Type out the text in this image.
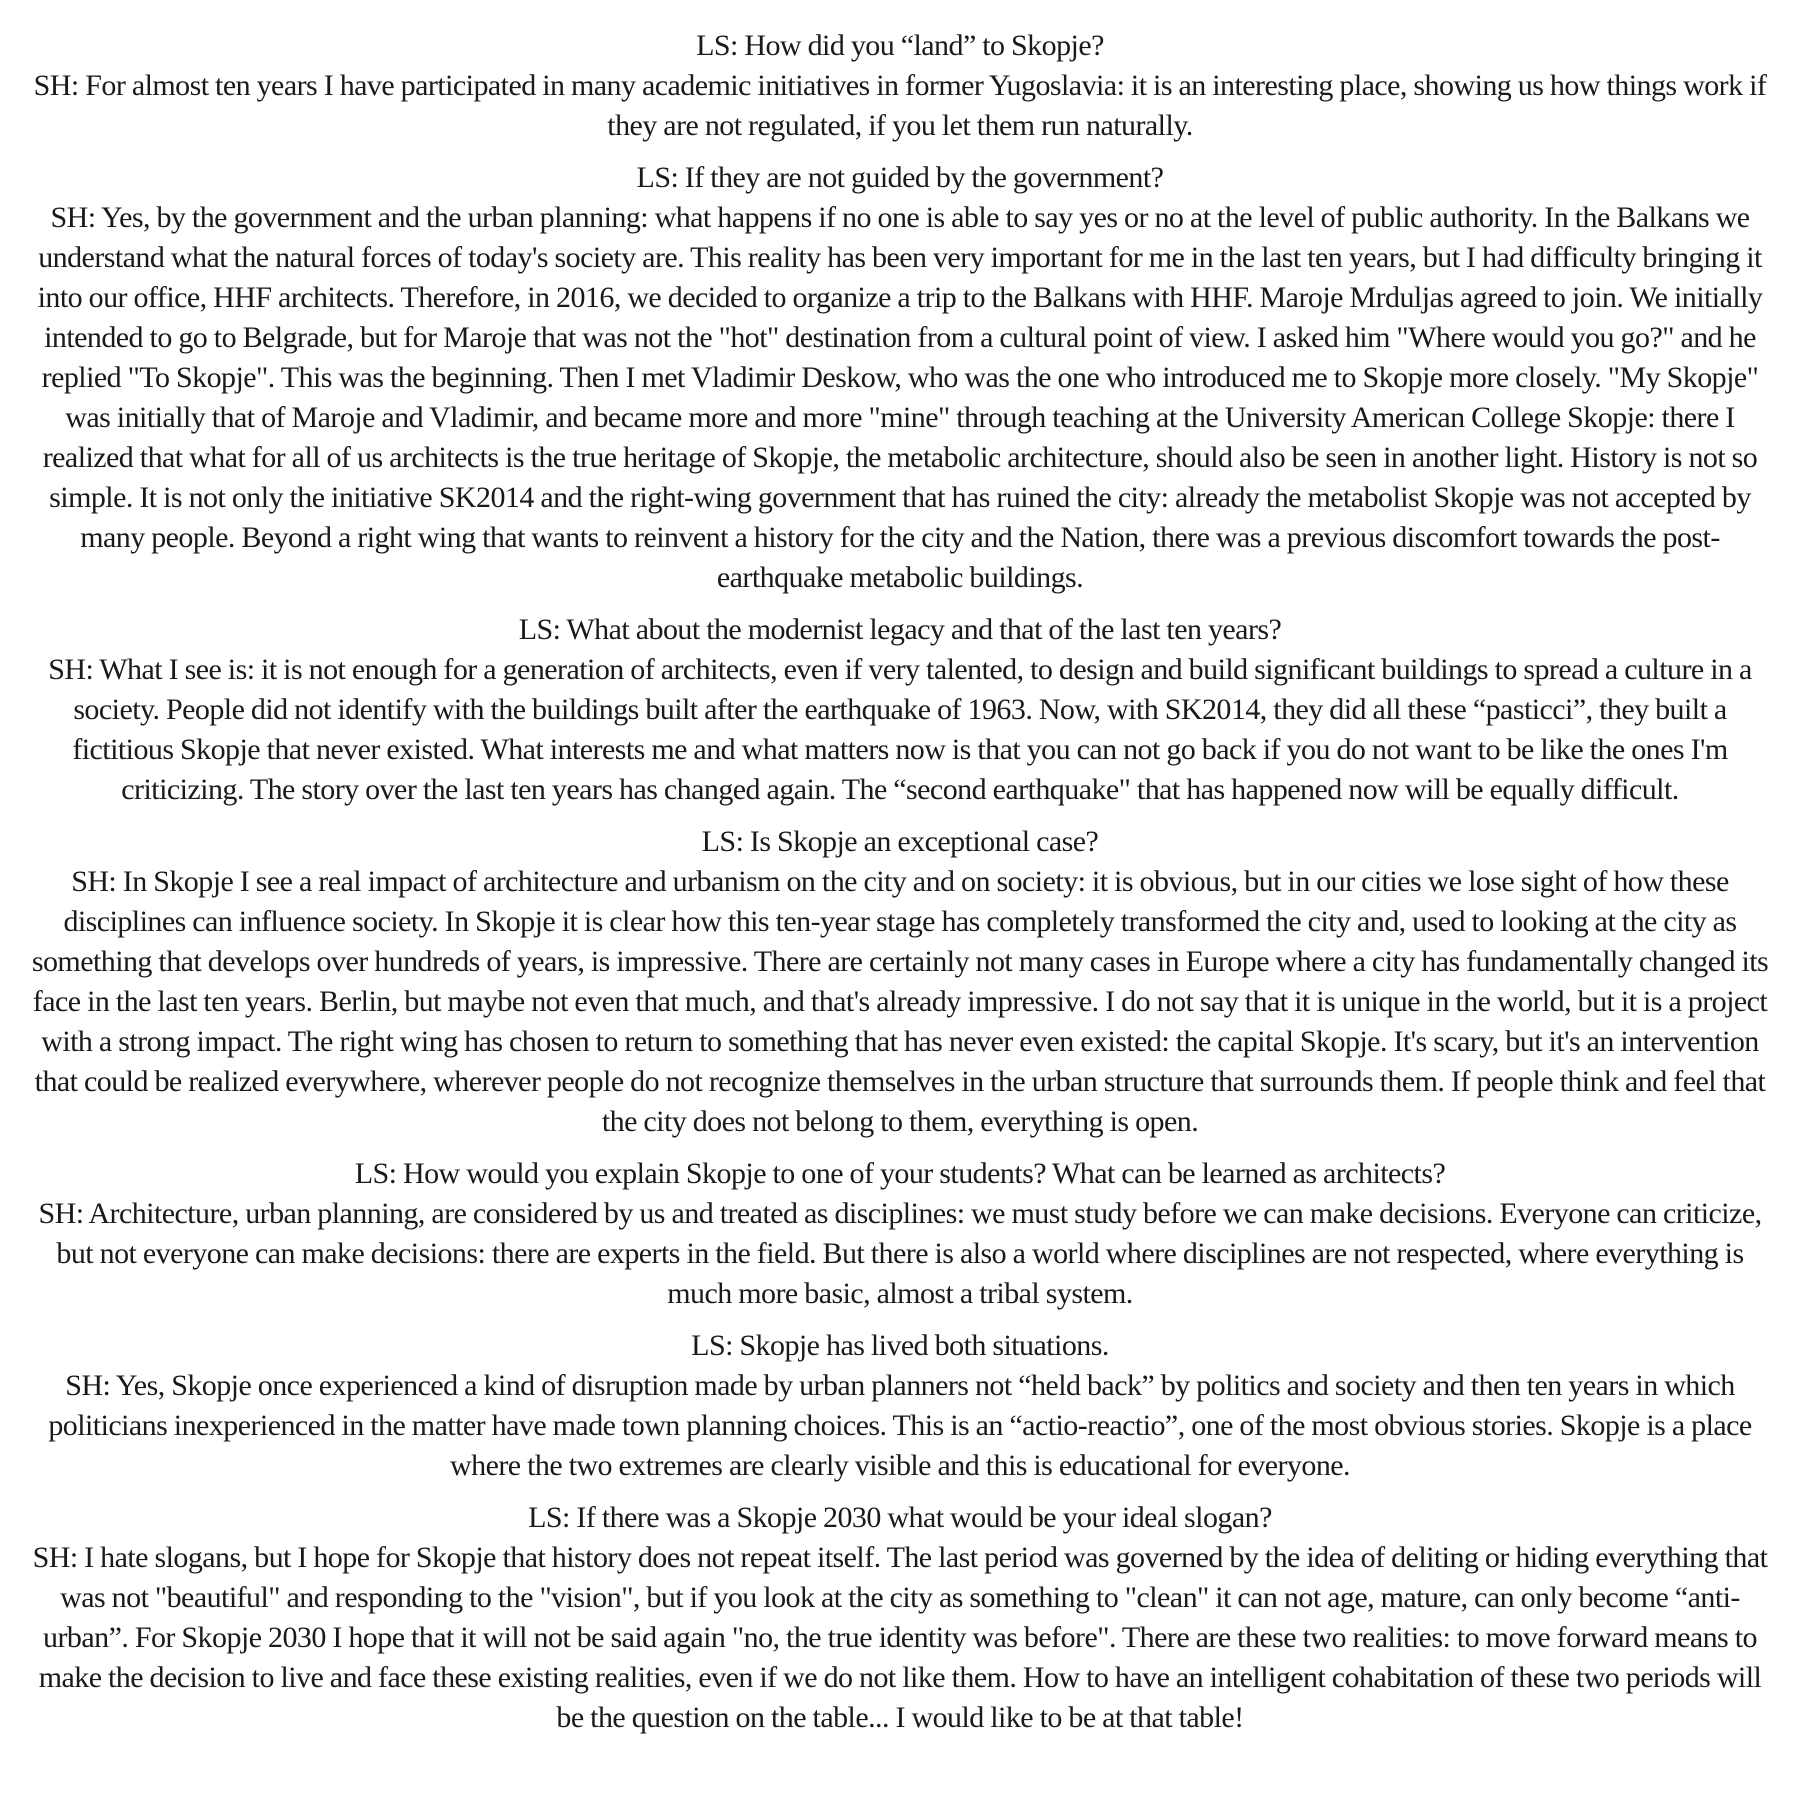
LS: How did you “land” to Skopje?

SH: For almost ten years I have participated in many academic initiatives in former Yugoslavia: it is an interesting place, showing us how things work if they are not regulated, if you let them run naturally.

LS: If they are not guided by the government?

SH: Yes, by the government and the urban planning: what happens if no one is able to say yes or no at the level of public authority. In the Balkans we understand what the natural forces of today's society are. This reality has been very important for me in the last ten years, but I had difficulty bringing it into our office, HHF architects. Therefore, in 2016, we decided to organize a trip to the Balkans with HHF. Maroje Mrduljas agreed to join. We initially intended to go to Belgrade, but for Maroje that was not the "hot" destination from a cultural point of view. I asked him "Where would you go?" and he replied "To Skopje". This was the beginning. Then I met Vladimir Deskow, who was the one who introduced me to Skopje more closely. "My Skopje" was initially that of Maroje and Vladimir, and became more and more "mine" through teaching at the University American College Skopje: there I realized that what for all of us architects is the true heritage of Skopje, the metabolic architecture, should also be seen in another light. History is not so simple. It is not only the initiative SK2014 and the right-wing government that has ruined the city: already the metabolist Skopje was not accepted by many people. Beyond a right wing that wants to reinvent a history for the city and the Nation, there was a previous discomfort towards the post-earthquake metabolic buildings.

LS: What about the modernist legacy and that of the last ten years?

SH: What I see is: it is not enough for a generation of architects, even if very talented, to design and build significant buildings to spread a culture in a society. People did not identify with the buildings built after the earthquake of 1963. Now, with SK2014, they did all these “pasticci”, they built a fictitious Skopje that never existed. What interests me and what matters now is that you can not go back if you do not want to be like the ones I'm criticizing. The story over the last ten years has changed again. The “second earthquake" that has happened now will be equally difficult.

LS: Is Skopje an exceptional case?

SH: In Skopje I see a real impact of architecture and urbanism on the city and on society: it is obvious, but in our cities we lose sight of how these disciplines can influence society. In Skopje it is clear how this ten-year stage has completely transformed the city and, used to looking at the city as something that develops over hundreds of years, is impressive. There are certainly not many cases in Europe where a city has fundamentally changed its face in the last ten years. Berlin, but maybe not even that much, and that's already impressive. I do not say that it is unique in the world, but it is a project with a strong impact. The right wing has chosen to return to something that has never even existed: the capital Skopje. It's scary, but it's an intervention that could be realized everywhere, wherever people do not recognize themselves in the urban structure that surrounds them. If people think and feel that the city does not belong to them, everything is open.

LS: How would you explain Skopje to one of your students? What can be learned as architects?

SH: Architecture, urban planning, are considered by us and treated as disciplines: we must study before we can make decisions. Everyone can criticize, but not everyone can make decisions: there are experts in the field. But there is also a world where disciplines are not respected, where everything is much more basic, almost a tribal system.

LS: Skopje has lived both situations.

SH: Yes, Skopje once experienced a kind of disruption made by urban planners not “held back” by politics and society and then ten years in which politicians inexperienced in the matter have made town planning choices. This is an “actio-reactio”, one of the most obvious stories. Skopje is a place where the two extremes are clearly visible and this is educational for everyone.

LS: If there was a Skopje 2030 what would be your ideal slogan?

SH: I hate slogans, but I hope for Skopje that history does not repeat itself. The last period was governed by the idea of deliting or hiding everything that was not "beautiful" and responding to the "vision", but if you look at the city as something to "clean" it can not age, mature, can only become “anti-urban”. For Skopje 2030 I hope that it will not be said again "no, the true identity was before". There are these two realities: to move forward means to make the decision to live and face these existing realities, even if we do not like them. How to have an intelligent cohabitation of these two periods will be the question on the table... I would like to be at that table!
